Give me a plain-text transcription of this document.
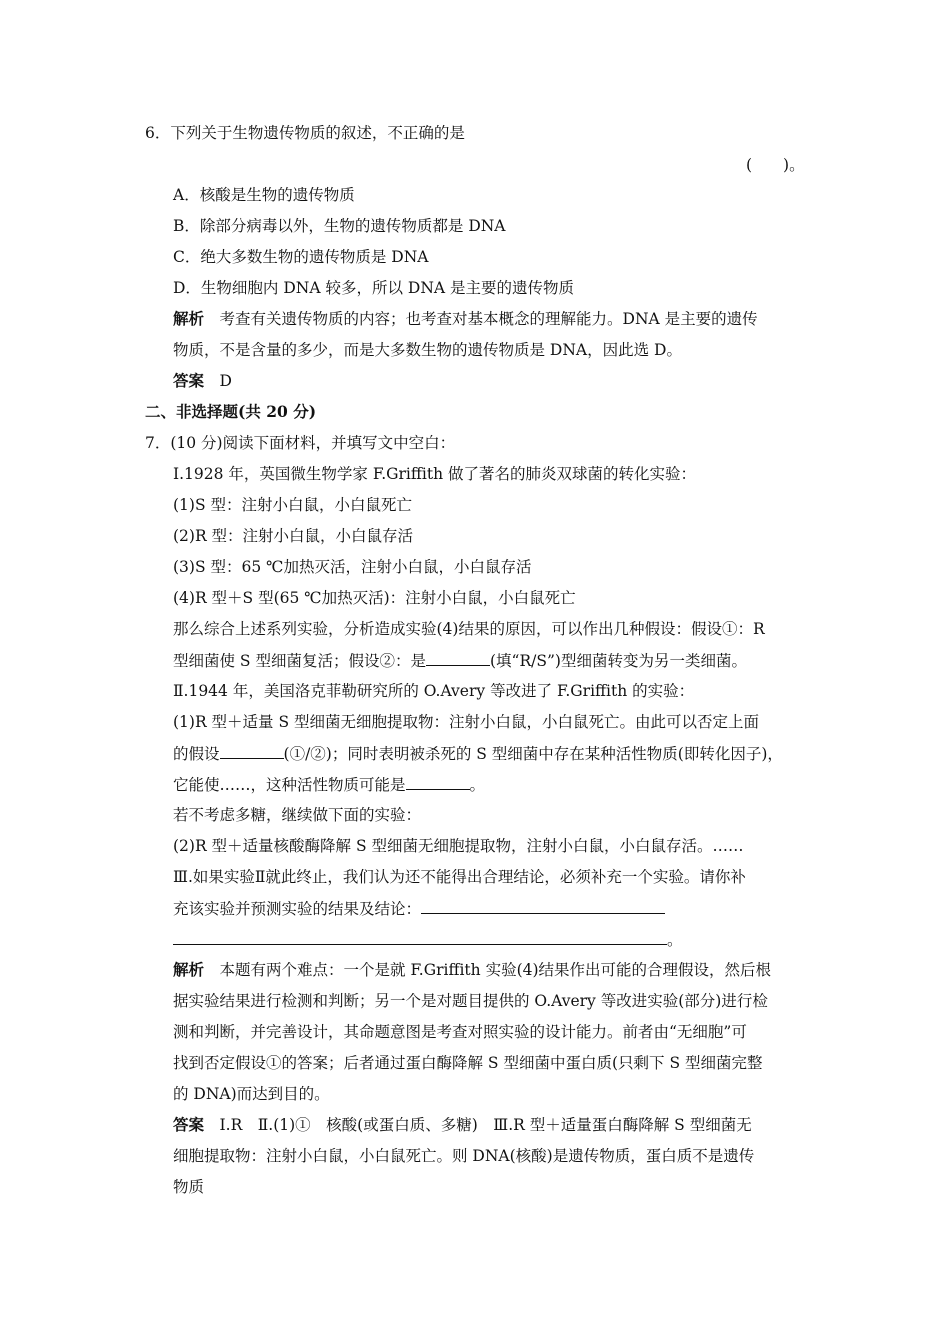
6．下列关于生物遗传物质的叙述，不正确的是
(　　)。
A．核酸是生物的遗传物质
B．除部分病毒以外，生物的遗传物质都是 DNA
C．绝大多数生物的遗传物质是 DNA
D．生物细胞内 DNA 较多，所以 DNA 是主要的遗传物质
解析  考查有关遗传物质的内容；也考查对基本概念的理解能力。DNA 是主要的遗传
物质，不是含量的多少，而是大多数生物的遗传物质是 DNA，因此选 D。
答案  D
二、非选择题(共 20 分)
7．(10 分)阅读下面材料，并填写文中空白：
Ⅰ.1928 年，英国微生物学家 F.Griffith 做了著名的肺炎双球菌的转化实验：
(1)S 型：注射小白鼠，小白鼠死亡
(2)R 型：注射小白鼠，小白鼠存活
(3)S 型：65 ℃加热灭活，注射小白鼠，小白鼠存活
(4)R 型＋S 型(65 ℃加热灭活)：注射小白鼠，小白鼠死亡
那么综合上述系列实验，分析造成实验(4)结果的原因，可以作出几种假设：假设①：R
型细菌使 S 型细菌复活；假设②：是	(填“R/S”)型细菌转变为另一类细菌。
Ⅱ.1944 年，美国洛克菲勒研究所的 O.Avery 等改进了 F.Griffith 的实验：
(1)R 型＋适量 S 型细菌无细胞提取物：注射小白鼠，小白鼠死亡。由此可以否定上面
的假设	(①/②)；同时表明被杀死的 S 型细菌中存在某种活性物质(即转化因子)，
它能使……，这种活性物质可能是	。
若不考虑多糖，继续做下面的实验：
(2)R 型＋适量核酸酶降解 S 型细菌无细胞提取物，注射小白鼠，小白鼠存活。……
Ⅲ.如果实验Ⅱ就此终止，我们认为还不能得出合理结论，必须补充一个实验。请你补
充该实验并预测实验的结果及结论：
。
解析  本题有两个难点：一个是就 F.Griffith 实验(4)结果作出可能的合理假设，然后根
据实验结果进行检测和判断；另一个是对题目提供的 O.Avery 等改进实验(部分)进行检
测和判断，并完善设计，其命题意图是考查对照实验的设计能力。前者由“无细胞”可
找到否定假设①的答案；后者通过蛋白酶降解 S 型细菌中蛋白质(只剩下 S 型细菌完整
的 DNA)而达到目的。
答案  Ⅰ.R　Ⅱ.(1)①　核酸(或蛋白质、多糖)　Ⅲ.R 型＋适量蛋白酶降解 S 型细菌无
细胞提取物：注射小白鼠，小白鼠死亡。则 DNA(核酸)是遗传物质，蛋白质不是遗传
物质
